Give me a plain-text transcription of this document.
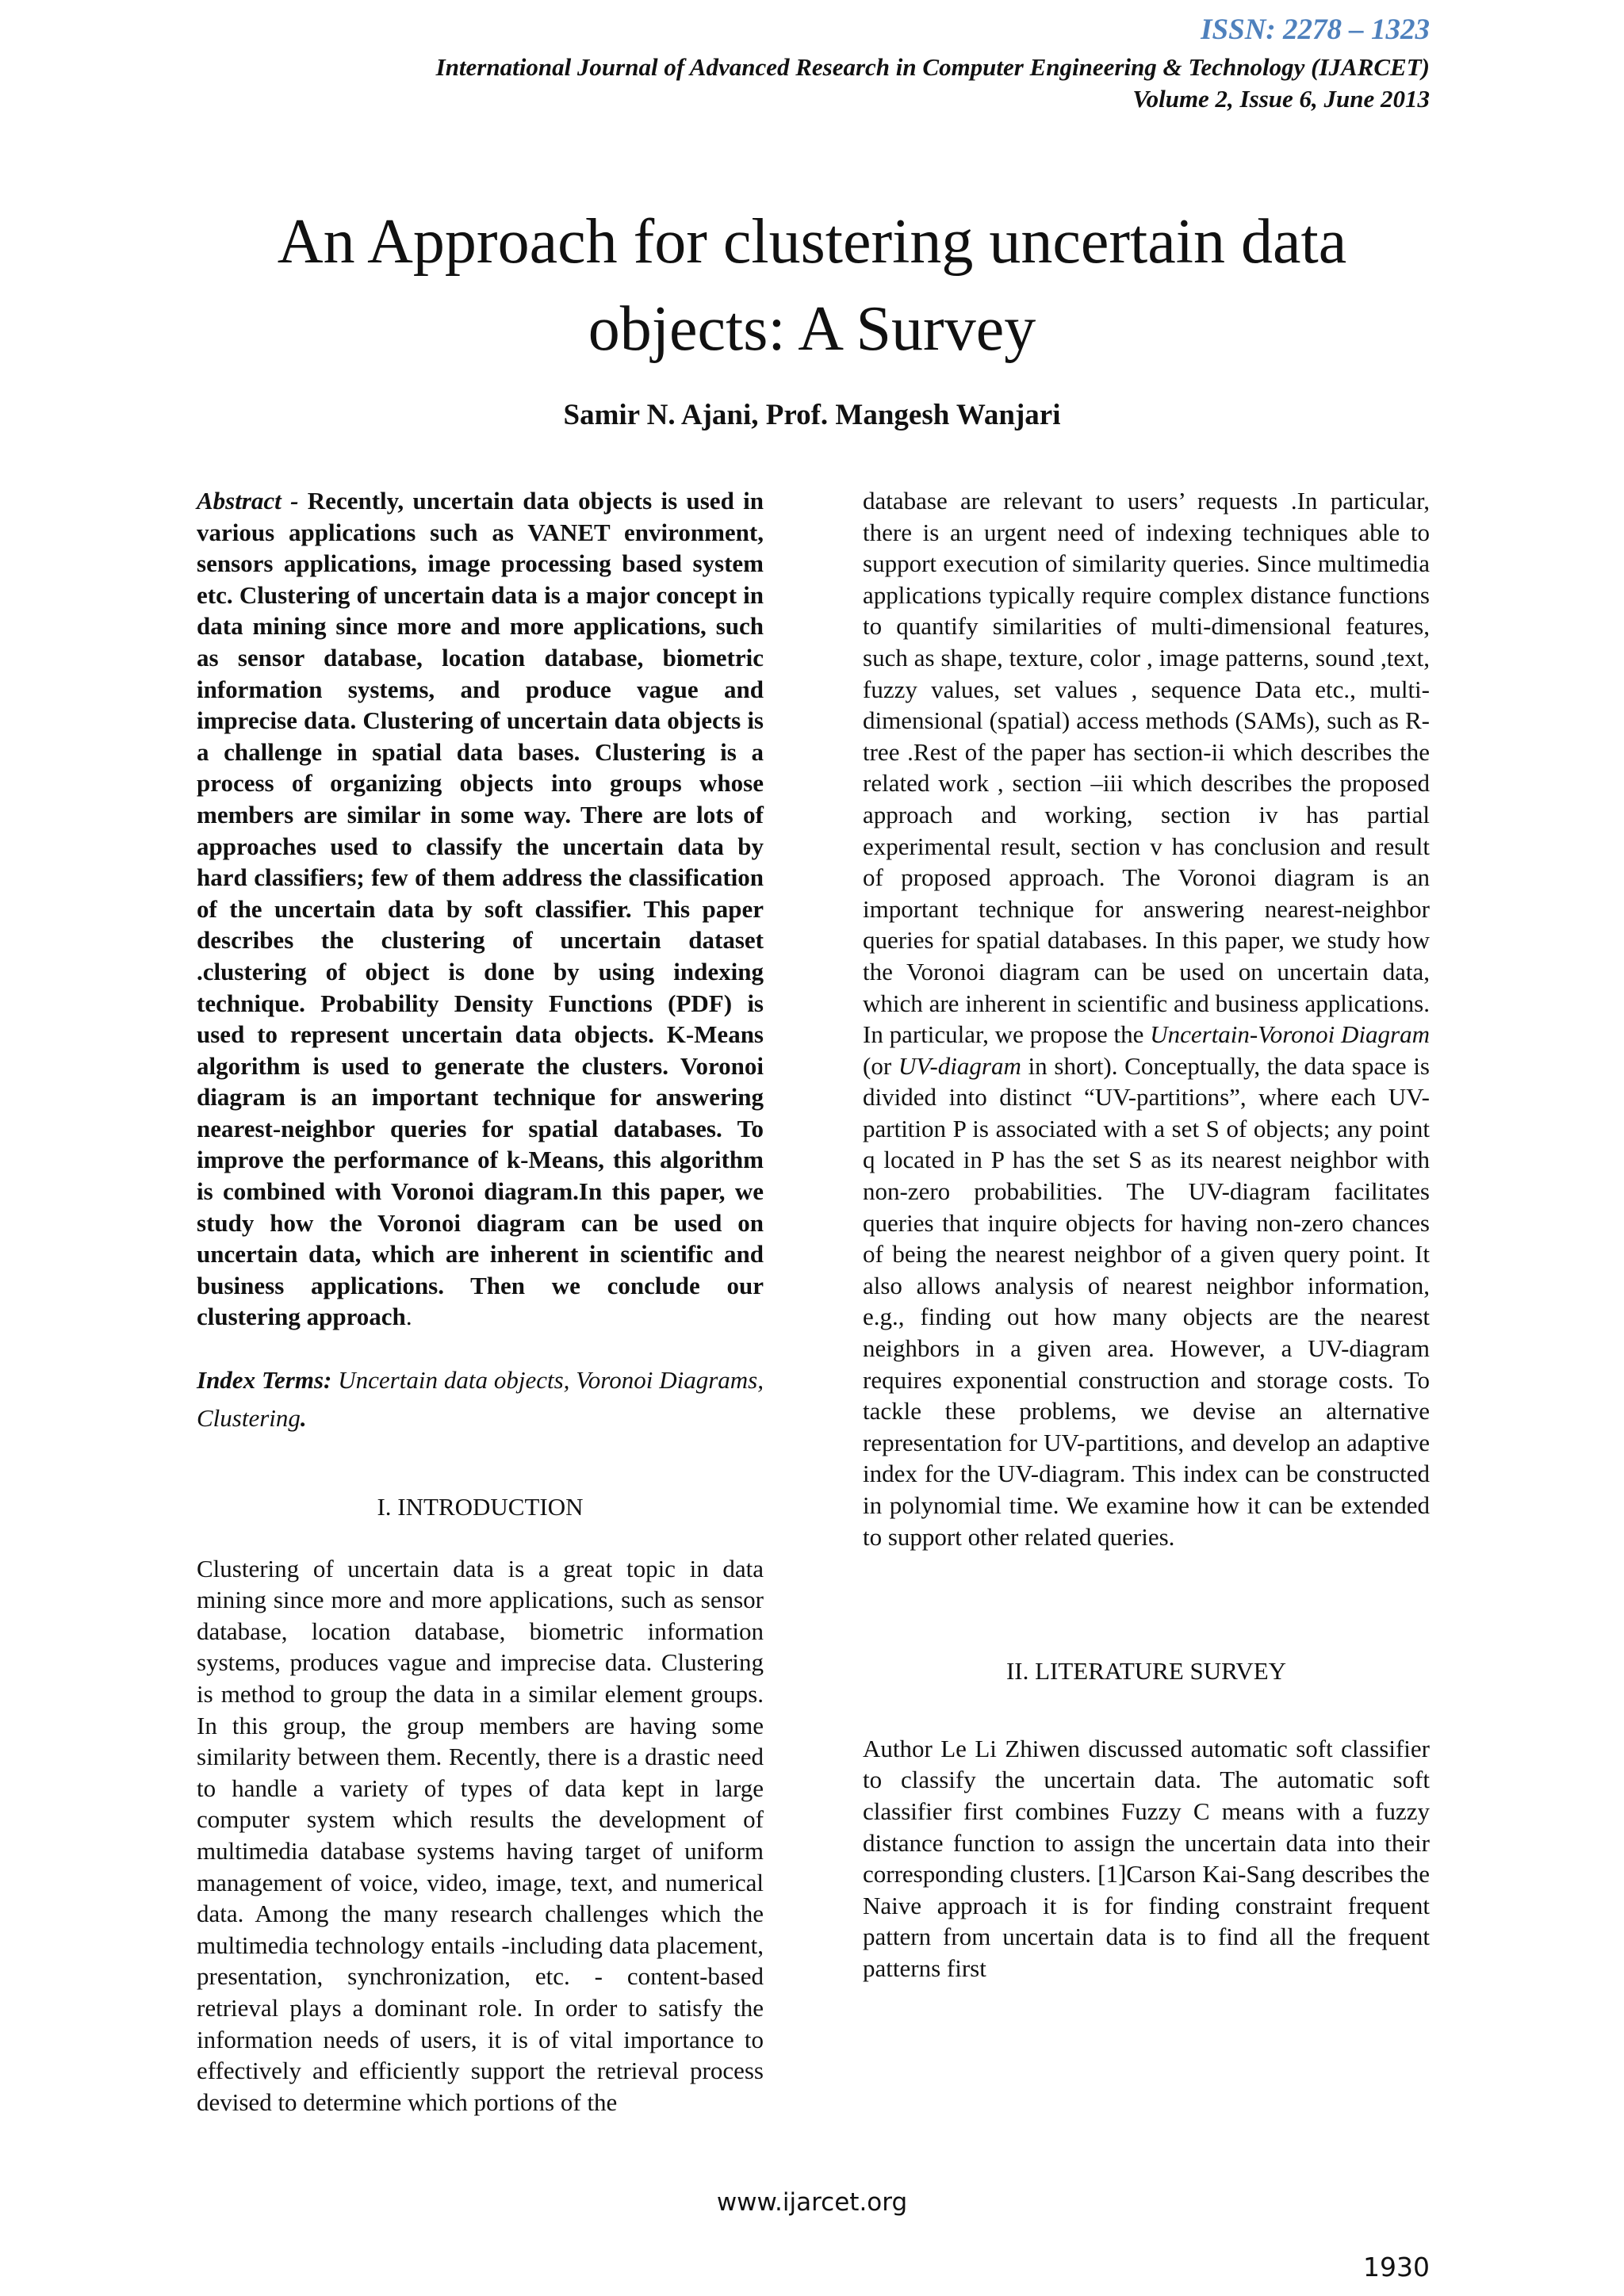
ISSN: 2278 – 1323
International Journal of Advanced Research in Computer Engineering & Technology (IJARCET)
Volume 2, Issue 6, June 2013
An Approach for clustering uncertain data
objects: A Survey
Samir N. Ajani, Prof. Mangesh Wanjari

Abstract - Recently, uncertain data objects is used in various applications such as VANET environment, sensors applications, image processing based system etc. Clustering of uncertain data is a major concept in data mining since more and more applications, such as sensor database, location database, biometric information systems, and produce vague and imprecise data. Clustering of uncertain data objects is a challenge in spatial data bases. Clustering is a process of organizing objects into groups whose members are similar in some way. There are lots of approaches used to classify the uncertain data by hard classifiers; few of them address the classification of the uncertain data by soft classifier. This paper describes the clustering of uncertain dataset .clustering of object is done by using indexing technique. Probability Density Functions (PDF) is used to represent uncertain data objects. K-Means algorithm is used to generate the clusters. Voronoi diagram is an important technique for answering nearest-neighbor queries for spatial databases. To improve the performance of k-Means, this algorithm is combined with Voronoi diagram.In this paper, we study how the Voronoi diagram can be used on uncertain data, which are inherent in scientific and business applications. Then we conclude our clustering approach.

Index Terms: Uncertain data objects, Voronoi Diagrams, Clustering.

I. INTRODUCTION

Clustering of uncertain data is a great topic in data mining since more and more applications, such as sensor database, location database, biometric information systems, produces vague and imprecise data. Clustering is method to group the data in a similar element groups. In this group, the group members are having some similarity between them. Recently, there is a drastic need to handle a variety of types of data kept in large computer system which results the development of multimedia database systems having target of uniform management of voice, video, image, text, and numerical data. Among the many research challenges which the multimedia technology entails -including data placement, presentation, synchronization, etc. - content-based retrieval plays a dominant role. In order to satisfy the information needs of users, it is of vital importance to effectively and efficiently support the retrieval process devised to determine which portions of the

database are relevant to users’ requests .In particular, there is an urgent need of indexing techniques able to support execution of similarity queries. Since multimedia applications typically require complex distance functions to quantify similarities of multi-dimensional features, such as shape, texture, color , image patterns, sound ,text, fuzzy values, set values , sequence Data etc., multi-dimensional (spatial) access methods (SAMs), such as R-tree .Rest of the paper has section-ii which describes the related work , section –iii which describes the proposed approach and working, section iv has partial experimental result, section v has conclusion and result of proposed approach. The Voronoi diagram is an important technique for answering nearest-neighbor queries for spatial databases. In this paper, we study how the Voronoi diagram can be used on uncertain data, which are inherent in scientific and business applications. In particular, we propose the Uncertain-Voronoi Diagram (or UV-diagram in short). Conceptually, the data space is divided into distinct “UV-partitions”, where each UV-partition P is associated with a set S of objects; any point q located in P has the set S as its nearest neighbor with non-zero probabilities. The UV-diagram facilitates queries that inquire objects for having non-zero chances of being the nearest neighbor of a given query point. It also allows analysis of nearest neighbor information, e.g., finding out how many objects are the nearest neighbors in a given area. However, a UV-diagram requires exponential construction and storage costs. To tackle these problems, we devise an alternative representation for UV-partitions, and develop an adaptive index for the UV-diagram. This index can be constructed in polynomial time. We examine how it can be extended to support other related queries.

II. LITERATURE SURVEY

Author Le Li Zhiwen discussed automatic soft classifier to classify the uncertain data. The automatic soft classifier first combines Fuzzy C means with a fuzzy distance function to assign the uncertain data into their corresponding clusters. [1]Carson Kai-Sang describes the Naive approach it is for finding constraint frequent pattern from uncertain data is to find all the frequent patterns first

www.ijarcet.org
1930
